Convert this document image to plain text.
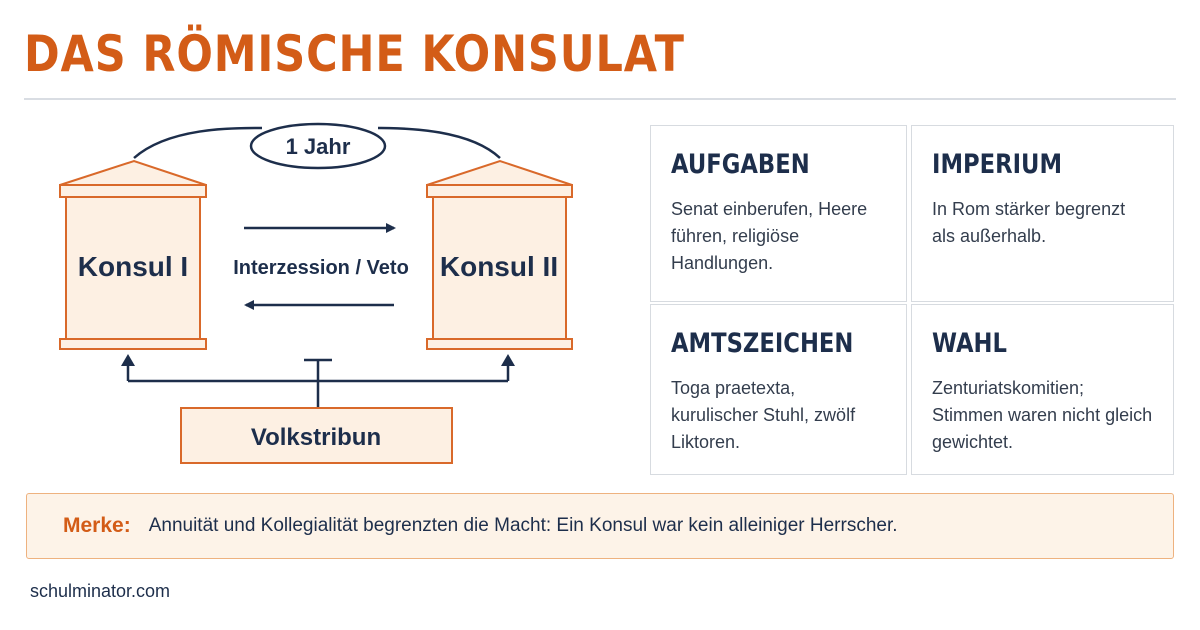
DAS RÖMISCHE KONSULAT
1 Jahr
Konsul I	Konsul II
Interzession / Veto
Volkstribun
AUFGABEN
Senat einberufen, Heere führen, religiöse Handlungen.
IMPERIUM
In Rom stärker begrenzt als außerhalb.
AMTSZEICHEN
Toga praetexta, kurulischer Stuhl, zwölf Liktoren.
WAHL
Zenturiatskomitien; Stimmen waren nicht gleich gewichtet.
Merke: Annuität und Kollegialität begrenzten die Macht: Ein Konsul war kein alleiniger Herrscher.
schulminator.com
